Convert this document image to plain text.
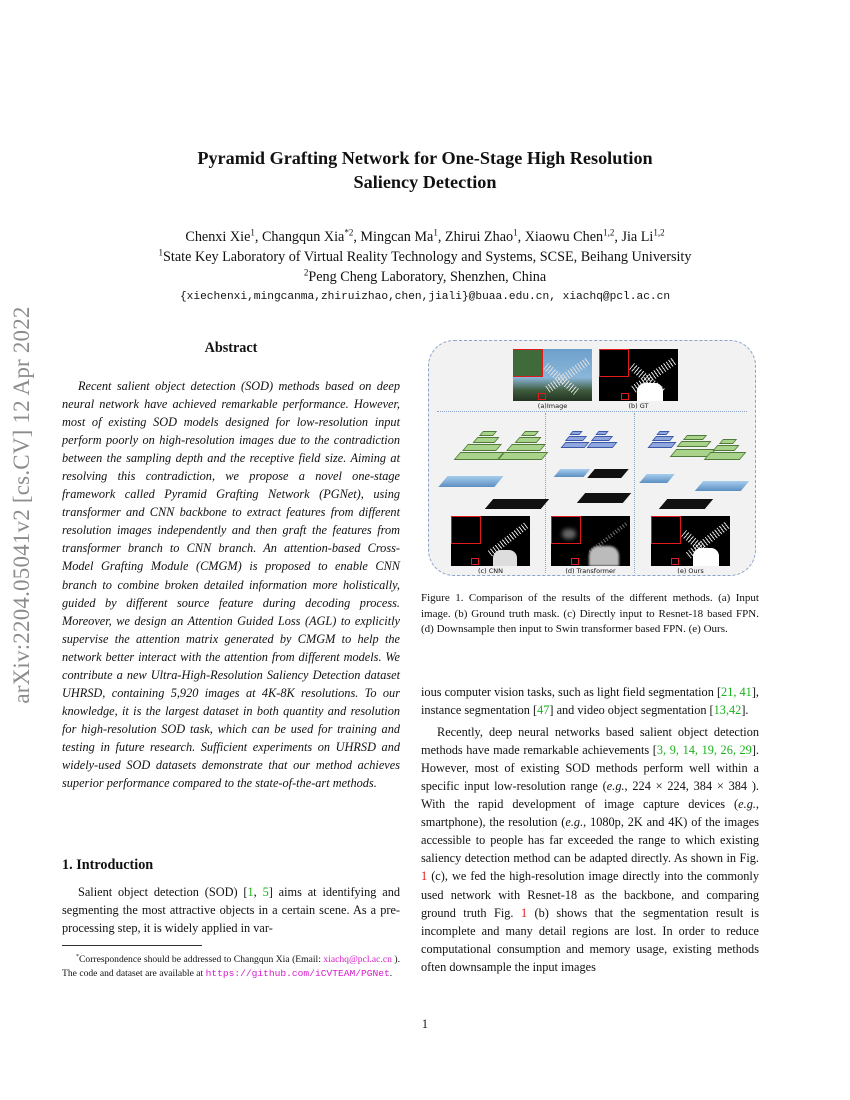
arXiv:2204.05041v2 [cs.CV] 12 Apr 2022
Pyramid Grafting Network for One-Stage High Resolution
Saliency Detection
Chenxi Xie$^1$, Changqun Xia$^{*2}$, Mingcan Ma$^1$, Zhirui Zhao$^1$, Xiaowu Chen$^{1,2}$, Jia Li$^{1,2}$
$^1$State Key Laboratory of Virtual Reality Technology and Systems, SCSE, Beihang University
$^2$Peng Cheng Laboratory, Shenzhen, China
{xiechenxi,mingcanma,zhiruizhao,chen,jiali}@buaa.edu.cn, xiachq@pcl.ac.cn
Abstract
Recent salient object detection (SOD) methods based on deep neural network have achieved remarkable performance. However, most of existing SOD models designed for low-resolution input perform poorly on high-resolution images due to the contradiction between the sampling depth and the receptive field size. Aiming at resolving this contradiction, we propose a novel one-stage framework called Pyramid Grafting Network (PGNet), using transformer and CNN backbone to extract features from different resolution images independently and then graft the features from transformer branch to CNN branch. An attention-based Cross-Model Grafting Module (CMGM) is proposed to enable CNN branch to combine broken detailed information more holistically, guided by different source feature during decoding process. Moreover, we design an Attention Guided Loss (AGL) to explicitly supervise the attention matrix generated by CMGM to help the network better interact with the attention from different models. We contribute a new Ultra-High-Resolution Saliency Detection dataset UHRSD, containing 5,920 images at 4K-8K resolutions. To our knowledge, it is the largest dataset in both quantity and resolution for high-resolution SOD task, which can be used for training and testing in future research. Sufficient experiments on UHRSD and widely-used SOD datasets demonstrate that our method achieves superior performance compared to the state-of-the-art methods.
1. Introduction

Salient object detection (SOD) [1, 5] aims at identifying and segmenting the most attractive objects in a certain scene. As a pre-processing step, it is widely applied in var-

*Correspondence should be addressed to Changqun Xia (Email: xiachq@pcl.ac.cn ). The code and dataset are available at https://github.com/iCVTEAM/PGNet.
(a)Image	(b) GT
(c) CNN	(d) Transformer	(e) Ours
Figure 1. Comparison of the results of the different methods. (a) Input image. (b) Ground truth mask. (c) Directly input to Resnet-18 based FPN. (d) Downsample then input to Swin transformer based FPN. (e) Ours.

ious computer vision tasks, such as light field segmentation [21, 41], instance segmentation [47] and video object segmentation [13,42].

Recently, deep neural networks based salient object detection methods have made remarkable achievements [3, 9, 14, 19, 26, 29]. However, most of existing SOD methods perform well within a specific input low-resolution range (e.g., 224 × 224, 384 × 384 ). With the rapid development of image capture devices (e.g., smartphone), the resolution (e.g., 1080p, 2K and 4K) of the images accessible to people has far exceeded the range to which existing saliency detection method can be adapted directly. As shown in Fig. 1 (c), we fed the high-resolution image directly into the commonly used network with Resnet-18 as the backbone, and comparing ground truth Fig. 1 (b) shows that the segmentation result is incomplete and many detail regions are lost. In order to reduce computational consumption and memory usage, existing methods often downsample the input images

1
